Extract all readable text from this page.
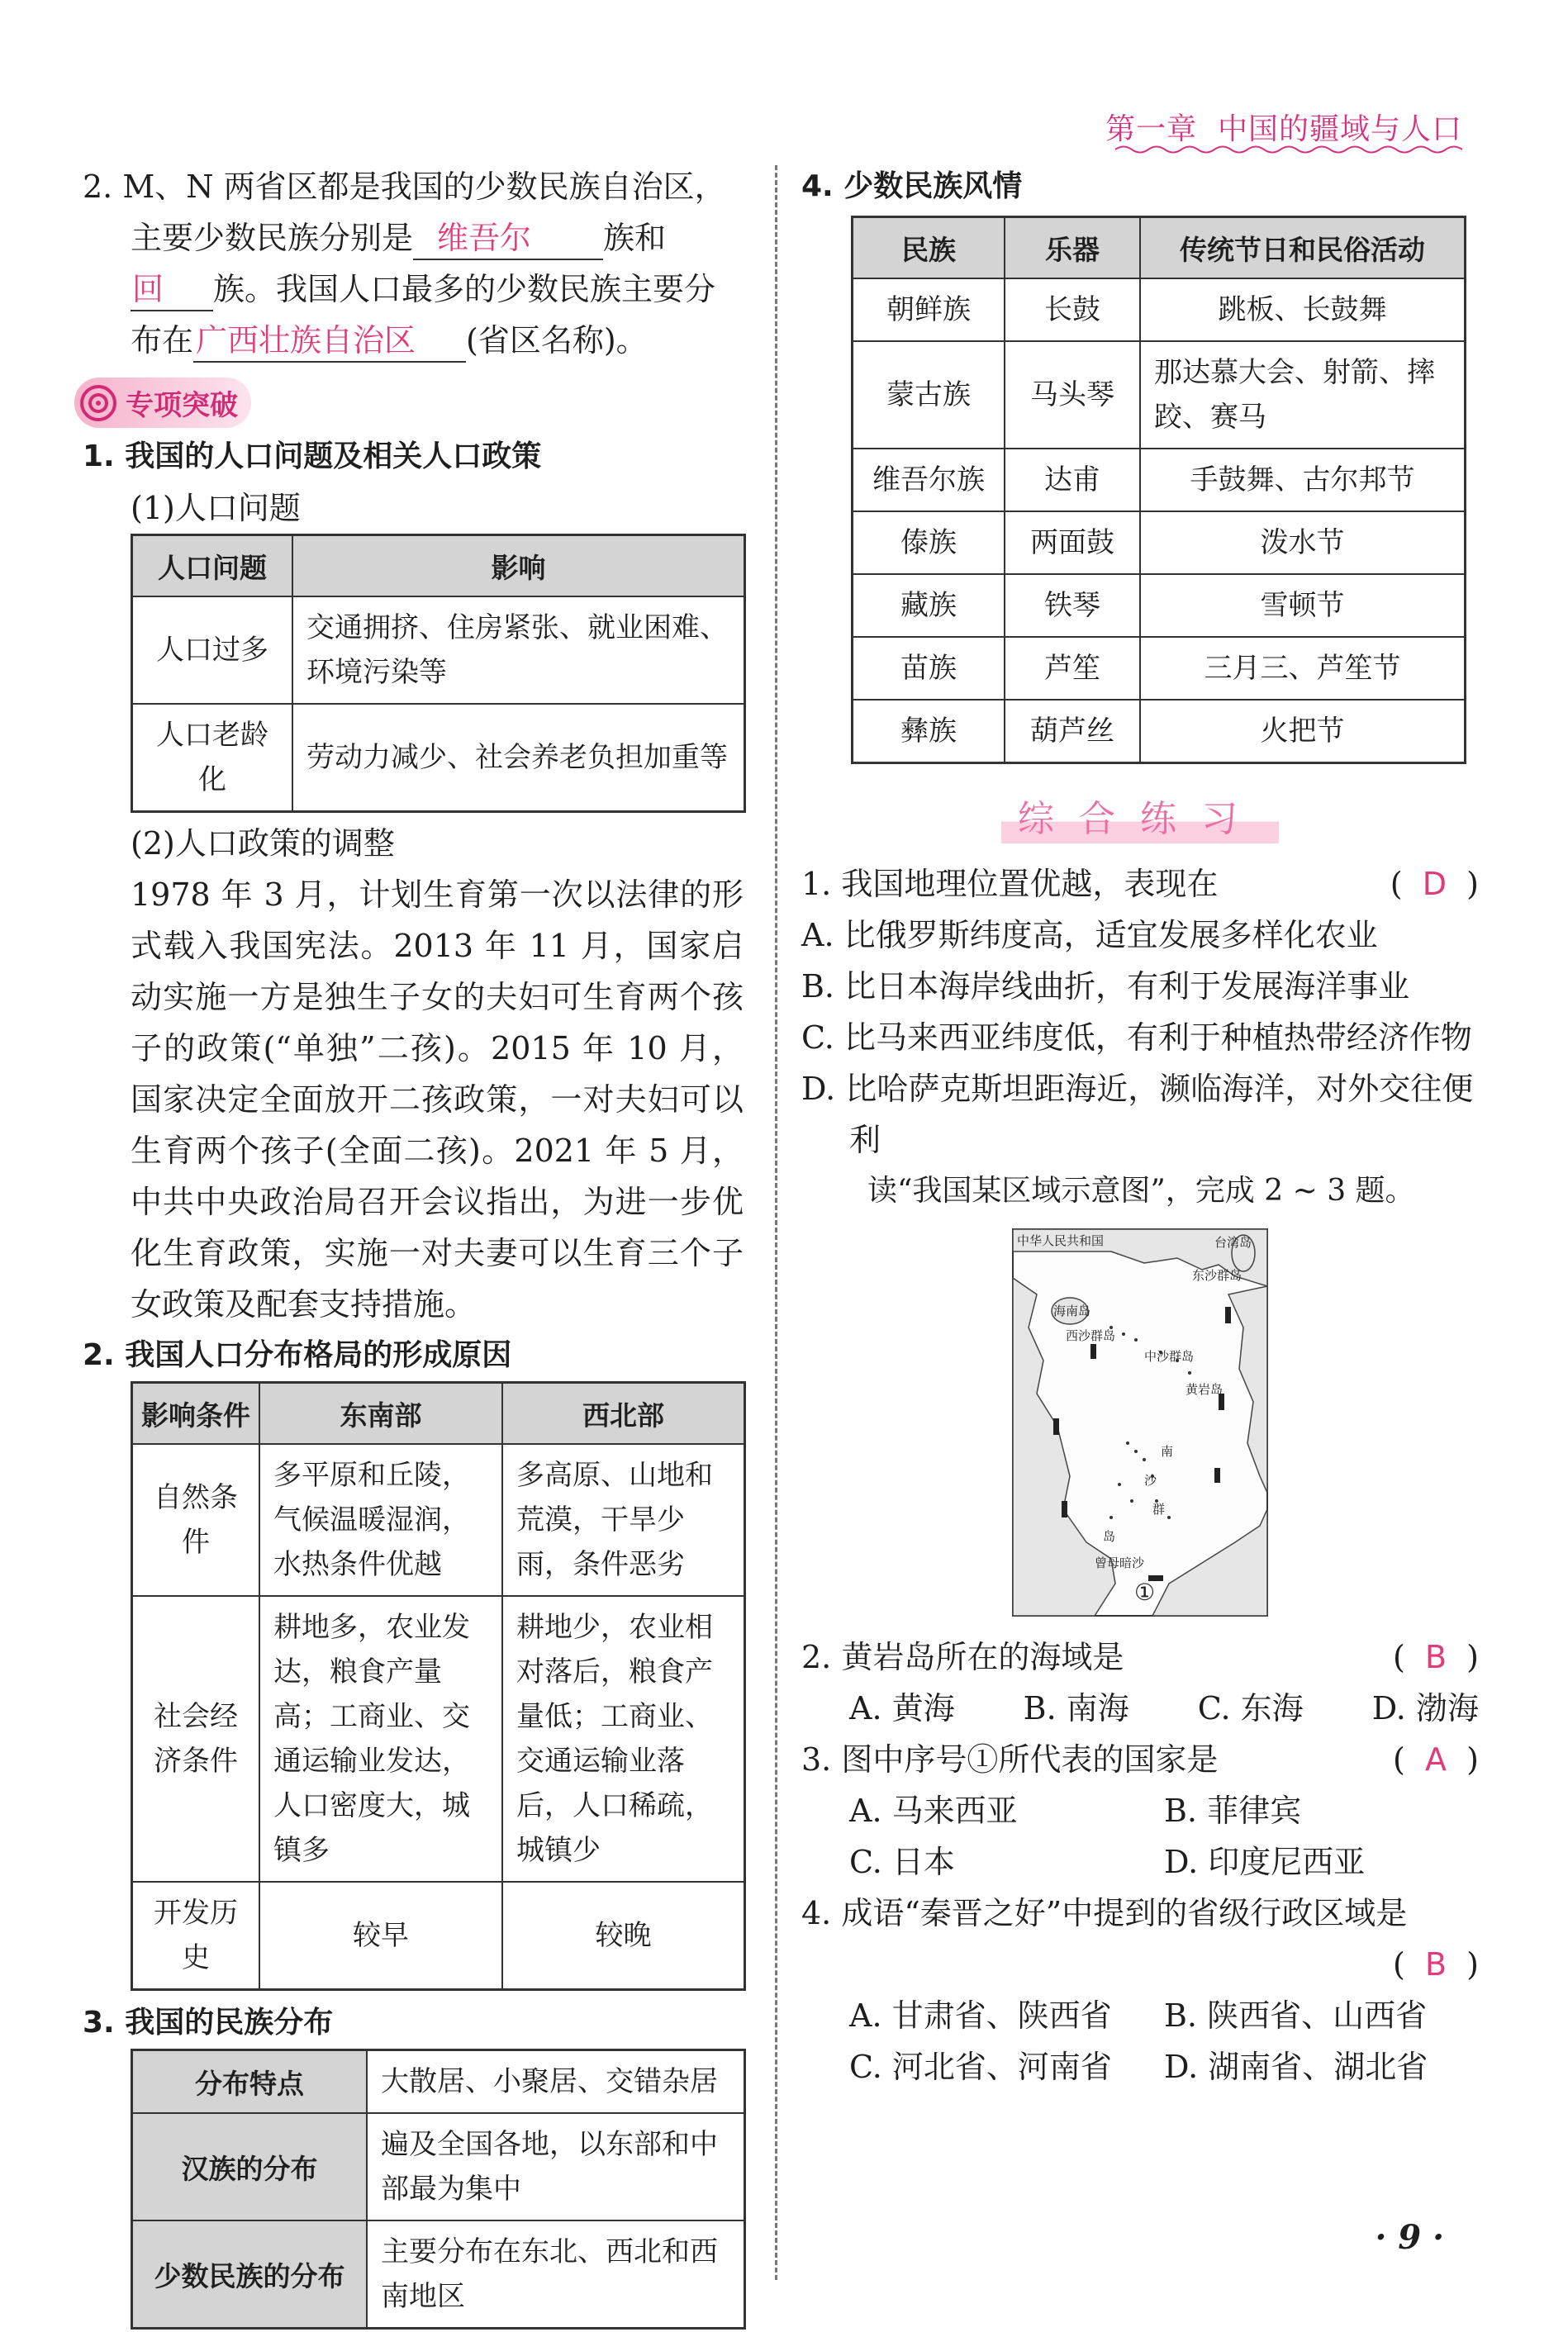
第一章 中国的疆域与人口

2. M、N 两省区都是我国的少数民族自治区，主要少数民族分别是 维吾尔 族和 回 族。我国人口最多的少数民族主要分布在广西壮族自治区 (省区名称)。

专项突破

1. 我国的人口问题及相关人口政策

(1)人口问题

人口问题	影响
人口过多	交通拥挤、住房紧张、就业困难、环境污染等
人口老龄化	劳动力减少、社会养老负担加重等

(2)人口政策的调整

1978 年 3 月，计划生育第一次以法律的形式载入我国宪法。2013 年 11 月，国家启动实施一方是独生子女的夫妇可生育两个孩子的政策(“单独”二孩)。2015 年 10 月，国家决定全面放开二孩政策，一对夫妇可以生育两个孩子(全面二孩)。2021 年 5 月，中共中央政治局召开会议指出，为进一步优化生育政策，实施一对夫妻可以生育三个子女政策及配套支持措施。

2. 我国人口分布格局的形成原因

影响条件	东南部	西北部
自然条件	多平原和丘陵，气候温暖湿润，水热条件优越	多高原、山地和荒漠，干旱少雨，条件恶劣
社会经济条件	耕地多，农业发达，粮食产量高；工商业、交通运输业发达，人口密度大，城镇多	耕地少，农业相对落后，粮食产量低；工商业、交通运输业落后，人口稀疏，城镇少
开发历史	较早	较晚

3. 我国的民族分布

分布特点	大散居、小聚居、交错杂居
汉族的分布	遍及全国各地，以东部和中部最为集中
少数民族的分布	主要分布在东北、西北和西南地区

4. 少数民族风情

民族	乐器	传统节日和民俗活动
朝鲜族	长鼓	跳板、长鼓舞
蒙古族	马头琴	那达慕大会、射箭、摔跤、赛马
维吾尔族	达甫	手鼓舞、古尔邦节
傣族	两面鼓	泼水节
藏族	铁琴	雪顿节
苗族	芦笙	三月三、芦笙节
彝族	葫芦丝	火把节
综合练习
1. 我国地理位置优越，表现在	(  D  )

A. 比俄罗斯纬度高，适宜发展多样化农业

B. 比日本海岸线曲折，有利于发展海洋事业

C. 比马来西亚纬度低，有利于种植热带经济作物

D. 比哈萨克斯坦距海近，濒临海洋，对外交往便利

读“我国某区域示意图”，完成 2 ~ 3 题。

中华人民共和国	台湾岛
东沙群岛
海南岛
西沙群岛
中沙群岛
黄岩岛
南
沙
群
岛
曾母暗沙
①
2. 黄岩岛所在的海域是	(  B  )
A. 黄海 B. 南海 C. 东海 D. 渤海
3. 图中序号①所代表的国家是	(  A  )
A. 马来西亚	B. 菲律宾
C. 日本	D. 印度尼西亚

4. 成语“秦晋之好”中提到的省级行政区域是

(  B  )
A. 甘肃省、陕西省	B. 陕西省、山西省
C. 河北省、河南省	D. 湖南省、湖北省
· 9 ·
